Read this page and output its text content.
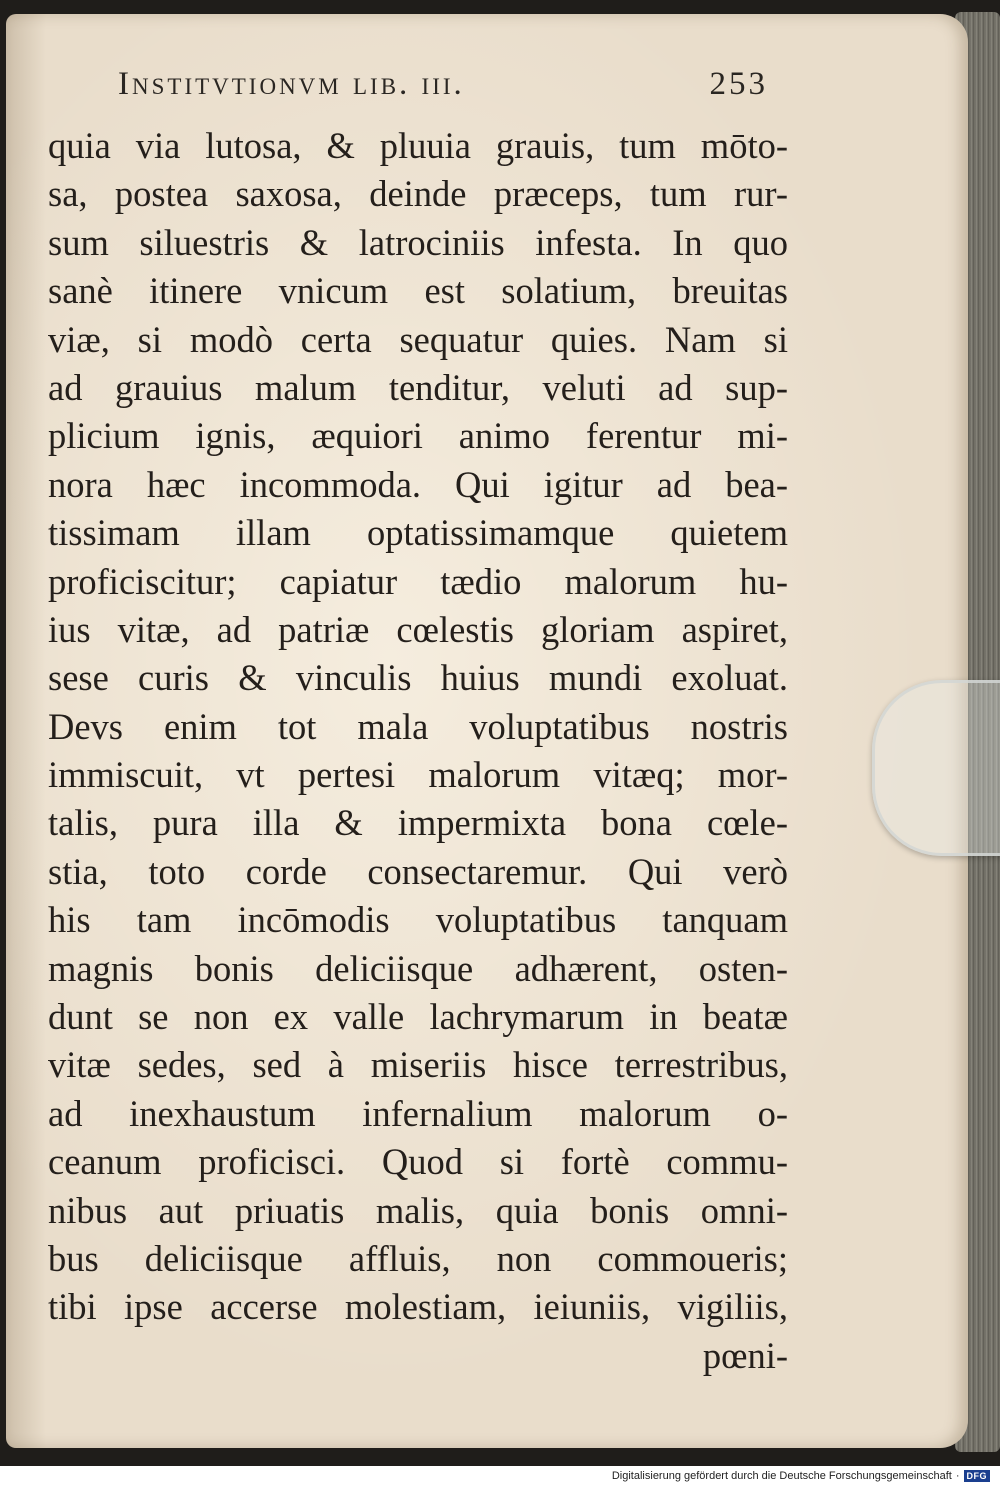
Institvtionvm lib. iii.	253
quia via lutosa, & pluuia grauis, tum mōto-
sa, postea saxosa, deinde præceps, tum rur-
sum siluestris & latrociniis infesta. In quo
sanè itinere vnicum est solatium, breuitas
viæ, si modò certa sequatur quies. Nam si
ad grauius malum tenditur, veluti ad sup-
plicium ignis, æquiori animo ferentur mi-
nora hæc incommoda. Qui igitur ad bea-
tissimam illam optatissimamque quietem
proficiscitur; capiatur tædio malorum hu-
ius vitæ, ad patriæ cœlestis gloriam aspiret,
sese curis & vinculis huius mundi exoluat.
Devs enim tot mala voluptatibus nostris
immiscuit, vt pertesi malorum vitæq; mor-
talis, pura illa & impermixta bona cœle-
stia, toto corde consectaremur. Qui verò
his tam incōmodis voluptatibus tanquam
magnis bonis deliciisque adhærent, osten-
dunt se non ex valle lachrymarum in beatæ
vitæ sedes, sed à miseriis hisce terrestribus,
ad inexhaustum infernalium malorum o-
ceanum proficisci. Quod si fortè commu-
nibus aut priuatis malis, quia bonis omni-
bus deliciisque affluis, non commoueris;
tibi ipse accerse molestiam, ieiuniis, vigiliis,
pœni-
Digitalisierung gefördert durch die Deutsche Forschungsgemeinschaft · DFG
